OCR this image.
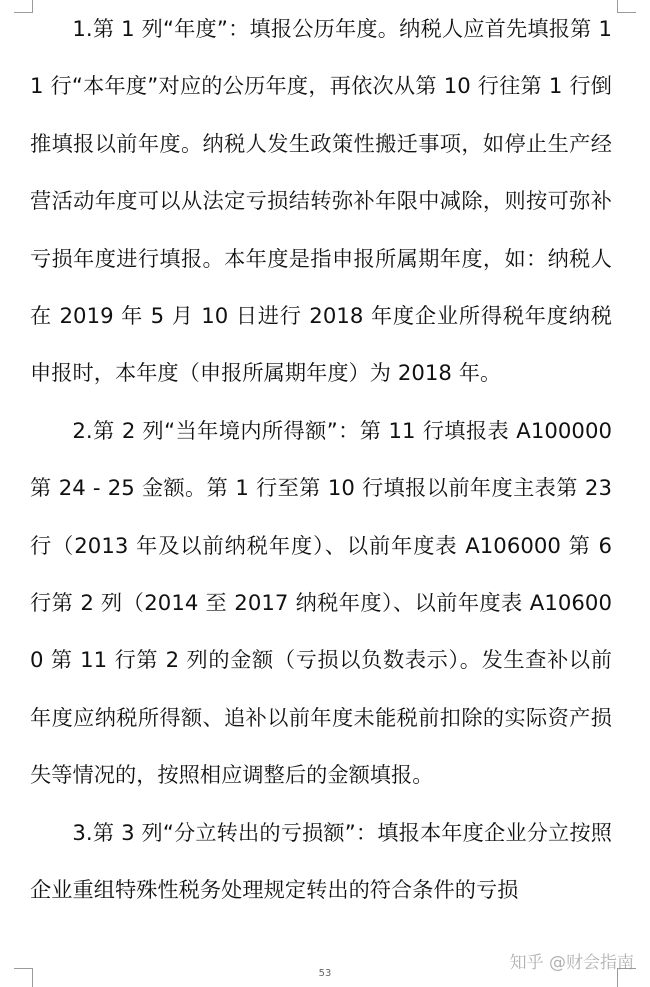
1.第 1 列“年度”：填报公历年度。纳税人应首先填报第 11 行“本年度”对应的公历年度，再依次从第 10 行往第 1 行倒推填报以前年度。纳税人发生政策性搬迁事项，如停止生产经营活动年度可以从法定亏损结转弥补年限中减除，则按可弥补亏损年度进行填报。本年度是指申报所属期年度，如：纳税人在 2019 年 5 月 10 日进行 2018 年度企业所得税年度纳税申报时，本年度（申报所属期年度）为 2018 年。

2.第 2 列“当年境内所得额”：第 11 行填报表 A100000 第 24 - 25 金额。第 1 行至第 10 行填报以前年度主表第 23 行（2013 年及以前纳税年度）、以前年度表 A106000 第 6 行第 2 列（2014 至 2017 纳税年度）、以前年度表 A106000 第 11 行第 2 列的金额（亏损以负数表示）。发生查补以前年度应纳税所得额、追补以前年度未能税前扣除的实际资产损失等情况的，按照相应调整后的金额填报。

3.第 3 列“分立转出的亏损额”：填报本年度企业分立按照企业重组特殊性税务处理规定转出的符合条件的亏损

53
知乎 @财会指南
